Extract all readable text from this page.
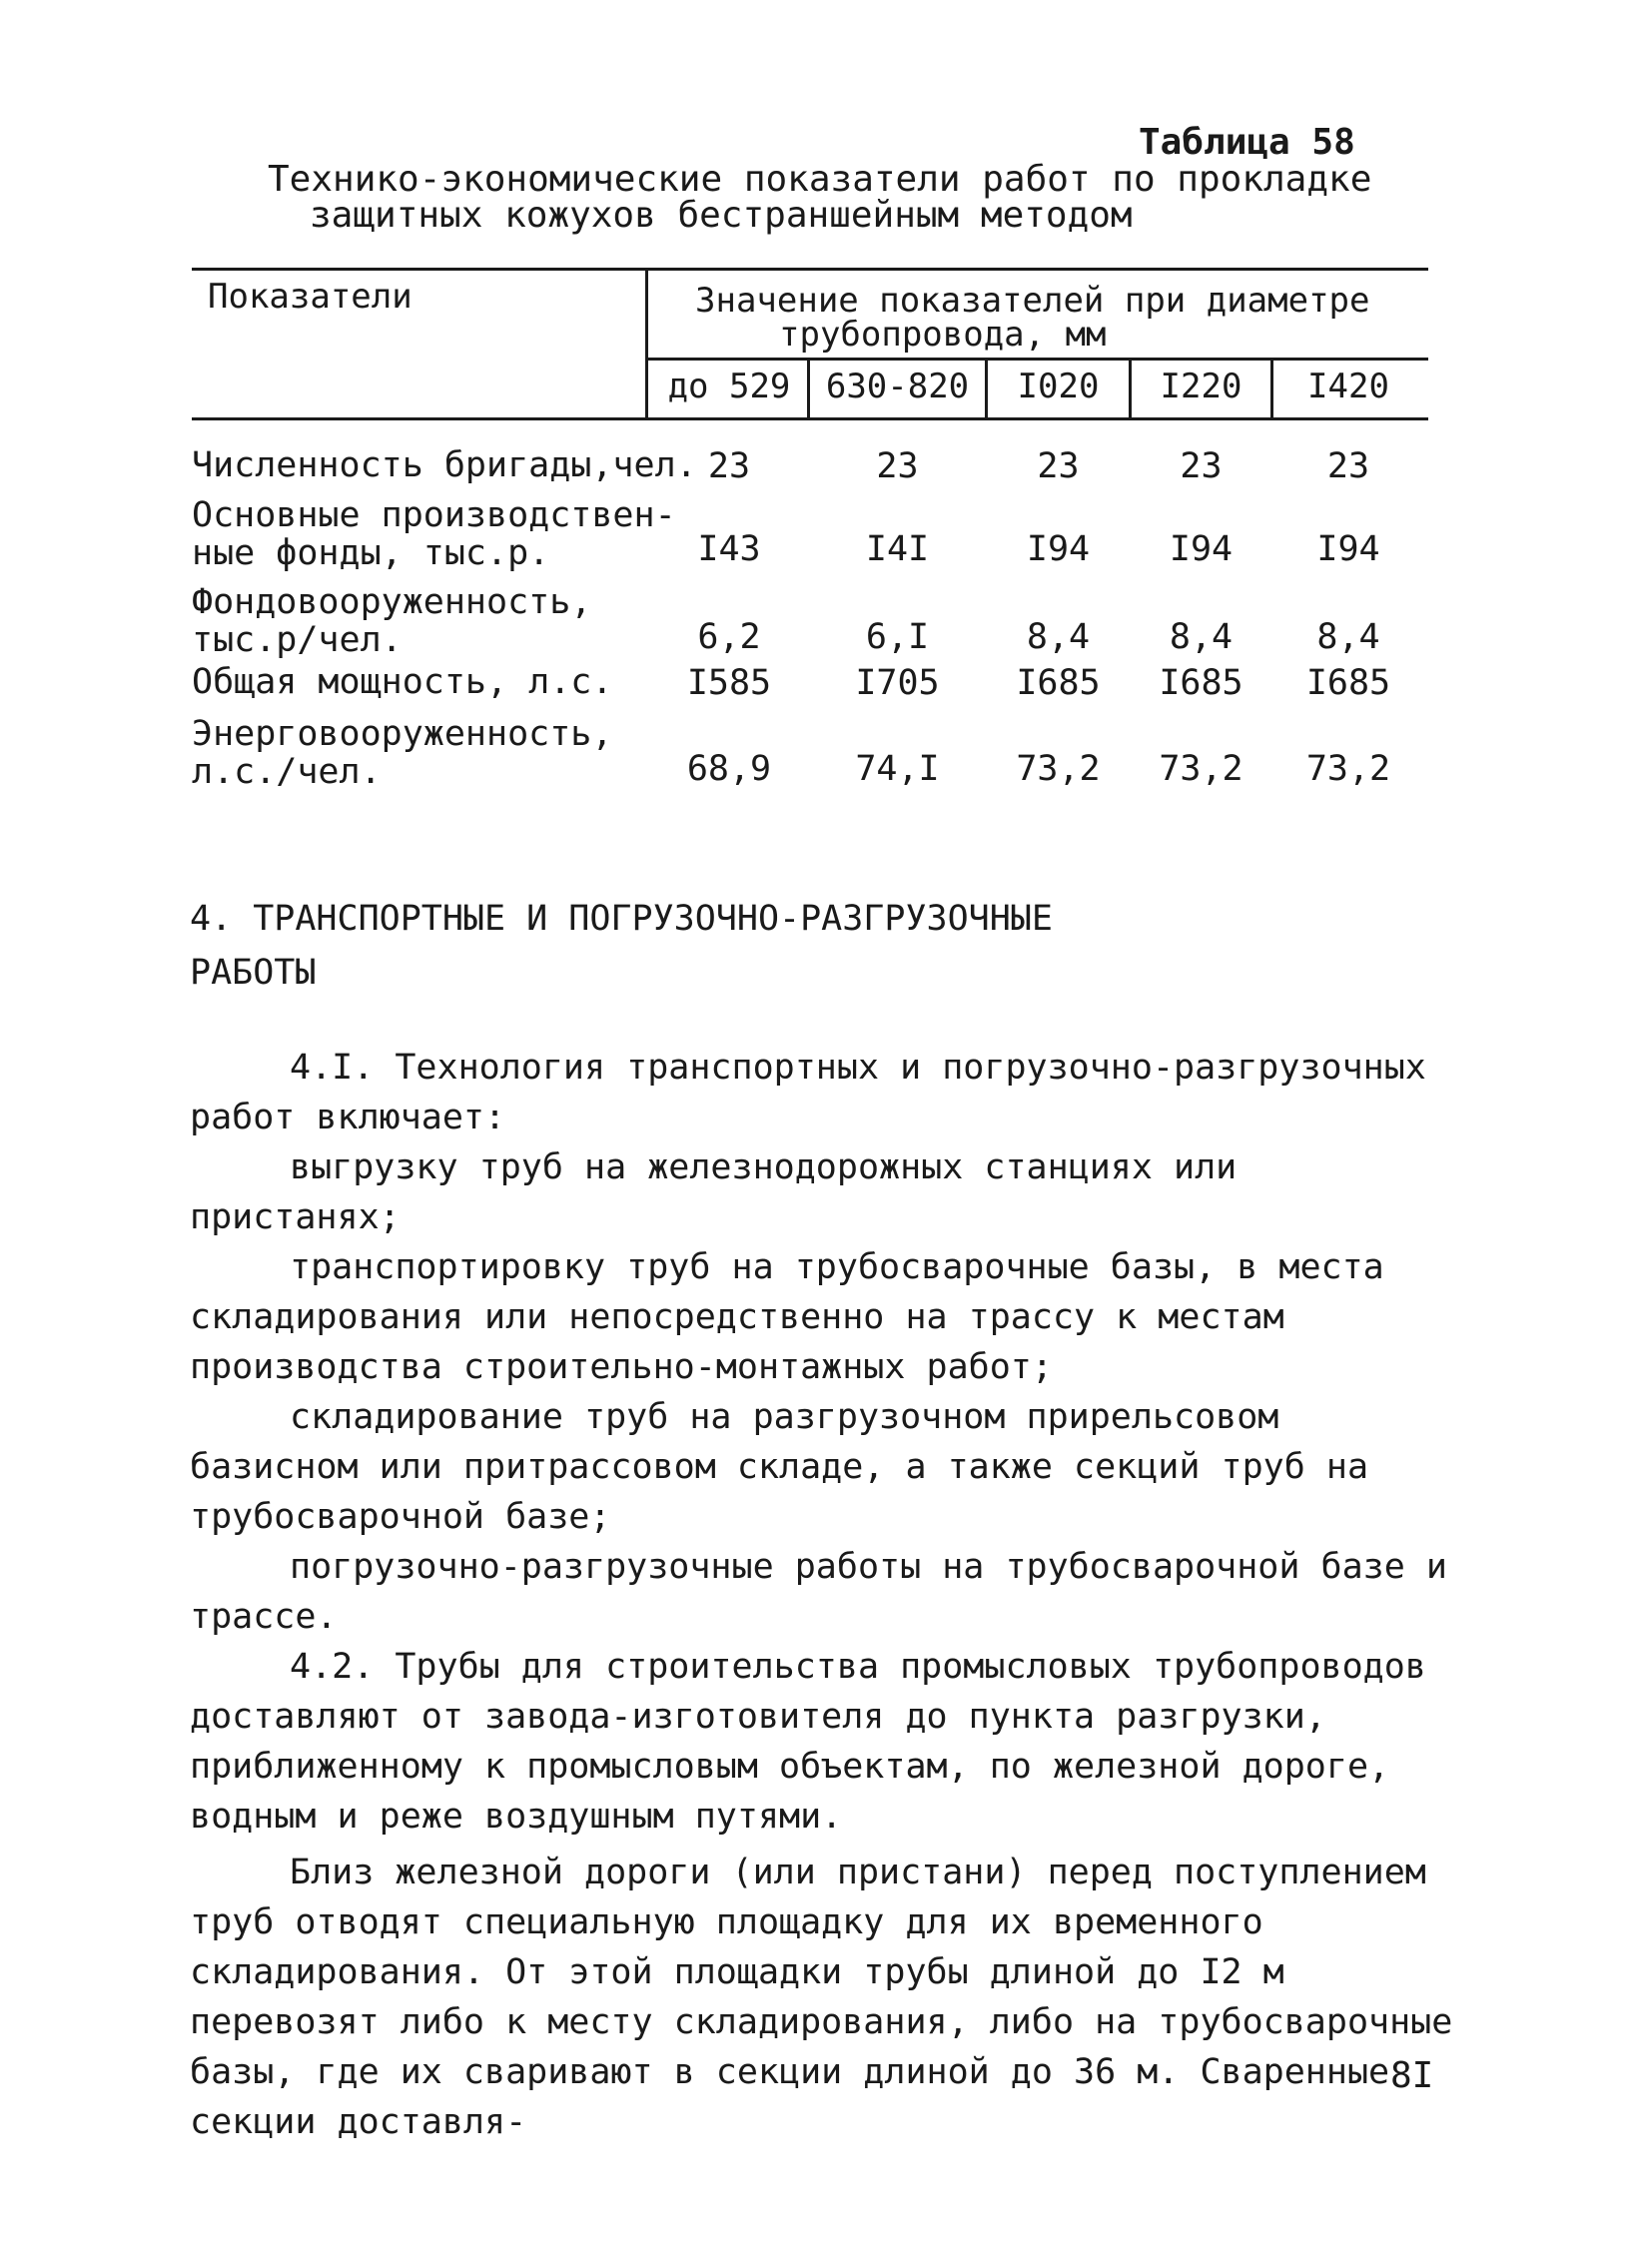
Таблица 58
Технико-экономические показатели работ по прокладке
защитных кожухов бестраншейным методом
Показатели	Значение показателей при диаметре
трубопровода, мм
до 529	630-820	I020	I220	I420
Численность бригады,чел. 23	23	23	23	23
Основные производствен-
ные фонды, тыс.р.	I43	I4I	I94	I94	I94
Фондовооруженность,
тыс.р/чел.	6,2	6,I	8,4	8,4	8,4
Общая мощность, л.с.	I585	I705	I685	I685	I685
Энерговооруженность,
л.с./чел.	68,9	74,I	73,2	73,2	73,2
4. ТРАНСПОРТНЫЕ И ПОГРУЗОЧНО-РАЗГРУЗОЧНЫЕ
РАБОТЫ

4.I. Технология транспортных и погрузочно-разгрузочных работ включает:

выгрузку труб на железнодорожных станциях или пристанях;

транспортировку труб на трубосварочные базы, в места складирования или непосредственно на трассу к местам производства строительно-монтажных работ;

складирование труб на разгрузочном прирельсовом базисном или притрассовом складе, а также секций труб на трубосварочной базе;

погрузочно-разгрузочные работы на трубосварочной базе и трассе.

4.2. Трубы для строительства промысловых трубопроводов доставляют от завода-изготовителя до пункта разгрузки, приближенному к промысловым объектам, по железной дороге, водным и реже воздушным путями.

Близ железной дороги (или пристани) перед поступлением труб отводят специальную площадку для их временного складирования. От этой площадки трубы длиной до I2 м перевозят либо к месту складирования, либо на трубосварочные базы, где их сваривают в секции длиной до 36 м. Сваренные секции доставля-

8I
